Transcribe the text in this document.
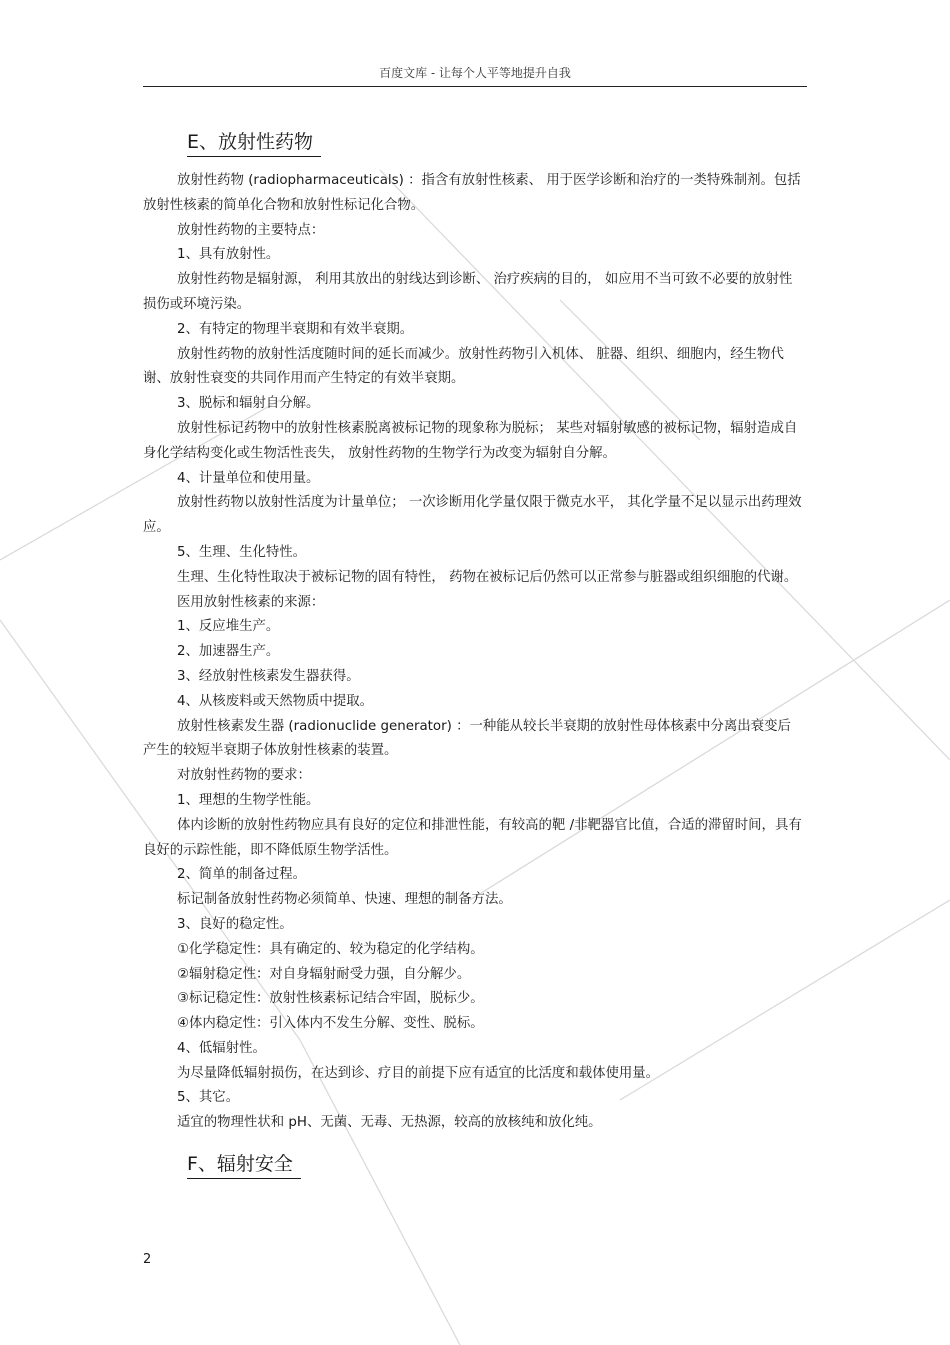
百度文库 - 让每个人平等地提升自我
E、放射性药物

放射性药物 (radiopharmaceuticals) ：指含有放射性核素、 用于医学诊断和治疗的一类特殊制剂。包括放射性核素的简单化合物和放射性标记化合物。

放射性药物的主要特点：

1、具有放射性。

放射性药物是辐射源， 利用其放出的射线达到诊断、 治疗疾病的目的， 如应用不当可致不必要的放射性损伤或环境污染。

2、有特定的物理半衰期和有效半衰期。

放射性药物的放射性活度随时间的延长而减少。放射性药物引入机体、 脏器、组织、细胞内，经生物代谢、放射性衰变的共同作用而产生特定的有效半衰期。

3、脱标和辐射自分解。

放射性标记药物中的放射性核素脱离被标记物的现象称为脱标； 某些对辐射敏感的被标记物，辐射造成自身化学结构变化或生物活性丧失， 放射性药物的生物学行为改变为辐射自分解。

4、计量单位和使用量。

放射性药物以放射性活度为计量单位； 一次诊断用化学量仅限于微克水平， 其化学量不足以显示出药理效应。

5、生理、生化特性。

生理、生化特性取决于被标记物的固有特性， 药物在被标记后仍然可以正常参与脏器或组织细胞的代谢。

医用放射性核素的来源：

1、反应堆生产。

2、加速器生产。

3、经放射性核素发生器获得。

4、从核废料或天然物质中提取。

放射性核素发生器 (radionuclide generator) ：一种能从较长半衰期的放射性母体核素中分离出衰变后产生的较短半衰期子体放射性核素的装置。

对放射性药物的要求：

1、理想的生物学性能。

体内诊断的放射性药物应具有良好的定位和排泄性能，有较高的靶 /非靶器官比值，合适的滞留时间，具有良好的示踪性能，即不降低原生物学活性。

2、简单的制备过程。

标记制备放射性药物必须简单、快速、理想的制备方法。

3、良好的稳定性。

①化学稳定性：具有确定的、较为稳定的化学结构。

②辐射稳定性：对自身辐射耐受力强，自分解少。

③标记稳定性：放射性核素标记结合牢固，脱标少。

④体内稳定性：引入体内不发生分解、变性、脱标。

4、低辐射性。

为尽量降低辐射损伤，在达到诊、疗目的前提下应有适宜的比活度和载体使用量。

5、其它。

适宜的物理性状和 pH、无菌、无毒、无热源，较高的放核纯和放化纯。

F、辐射安全
2
